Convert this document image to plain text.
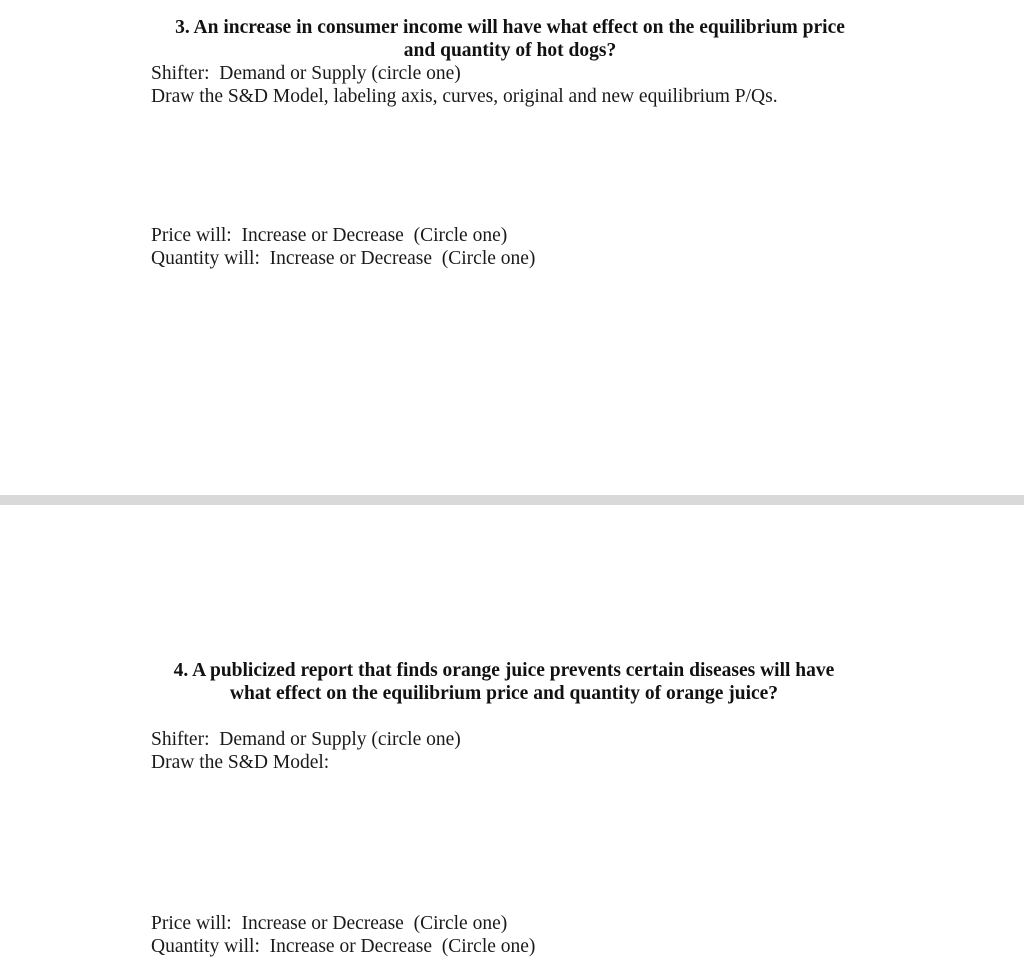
3. An increase in consumer income will have what effect on the equilibrium price
and quantity of hot dogs?
Shifter:  Demand or Supply (circle one)
Draw the S&D Model, labeling axis, curves, original and new equilibrium P/Qs.
Price will:  Increase or Decrease  (Circle one)
Quantity will:  Increase or Decrease  (Circle one)
4. A publicized report that finds orange juice prevents certain diseases will have
what effect on the equilibrium price and quantity of orange juice?
Shifter:  Demand or Supply (circle one)
Draw the S&D Model:
Price will:  Increase or Decrease  (Circle one)
Quantity will:  Increase or Decrease  (Circle one)
